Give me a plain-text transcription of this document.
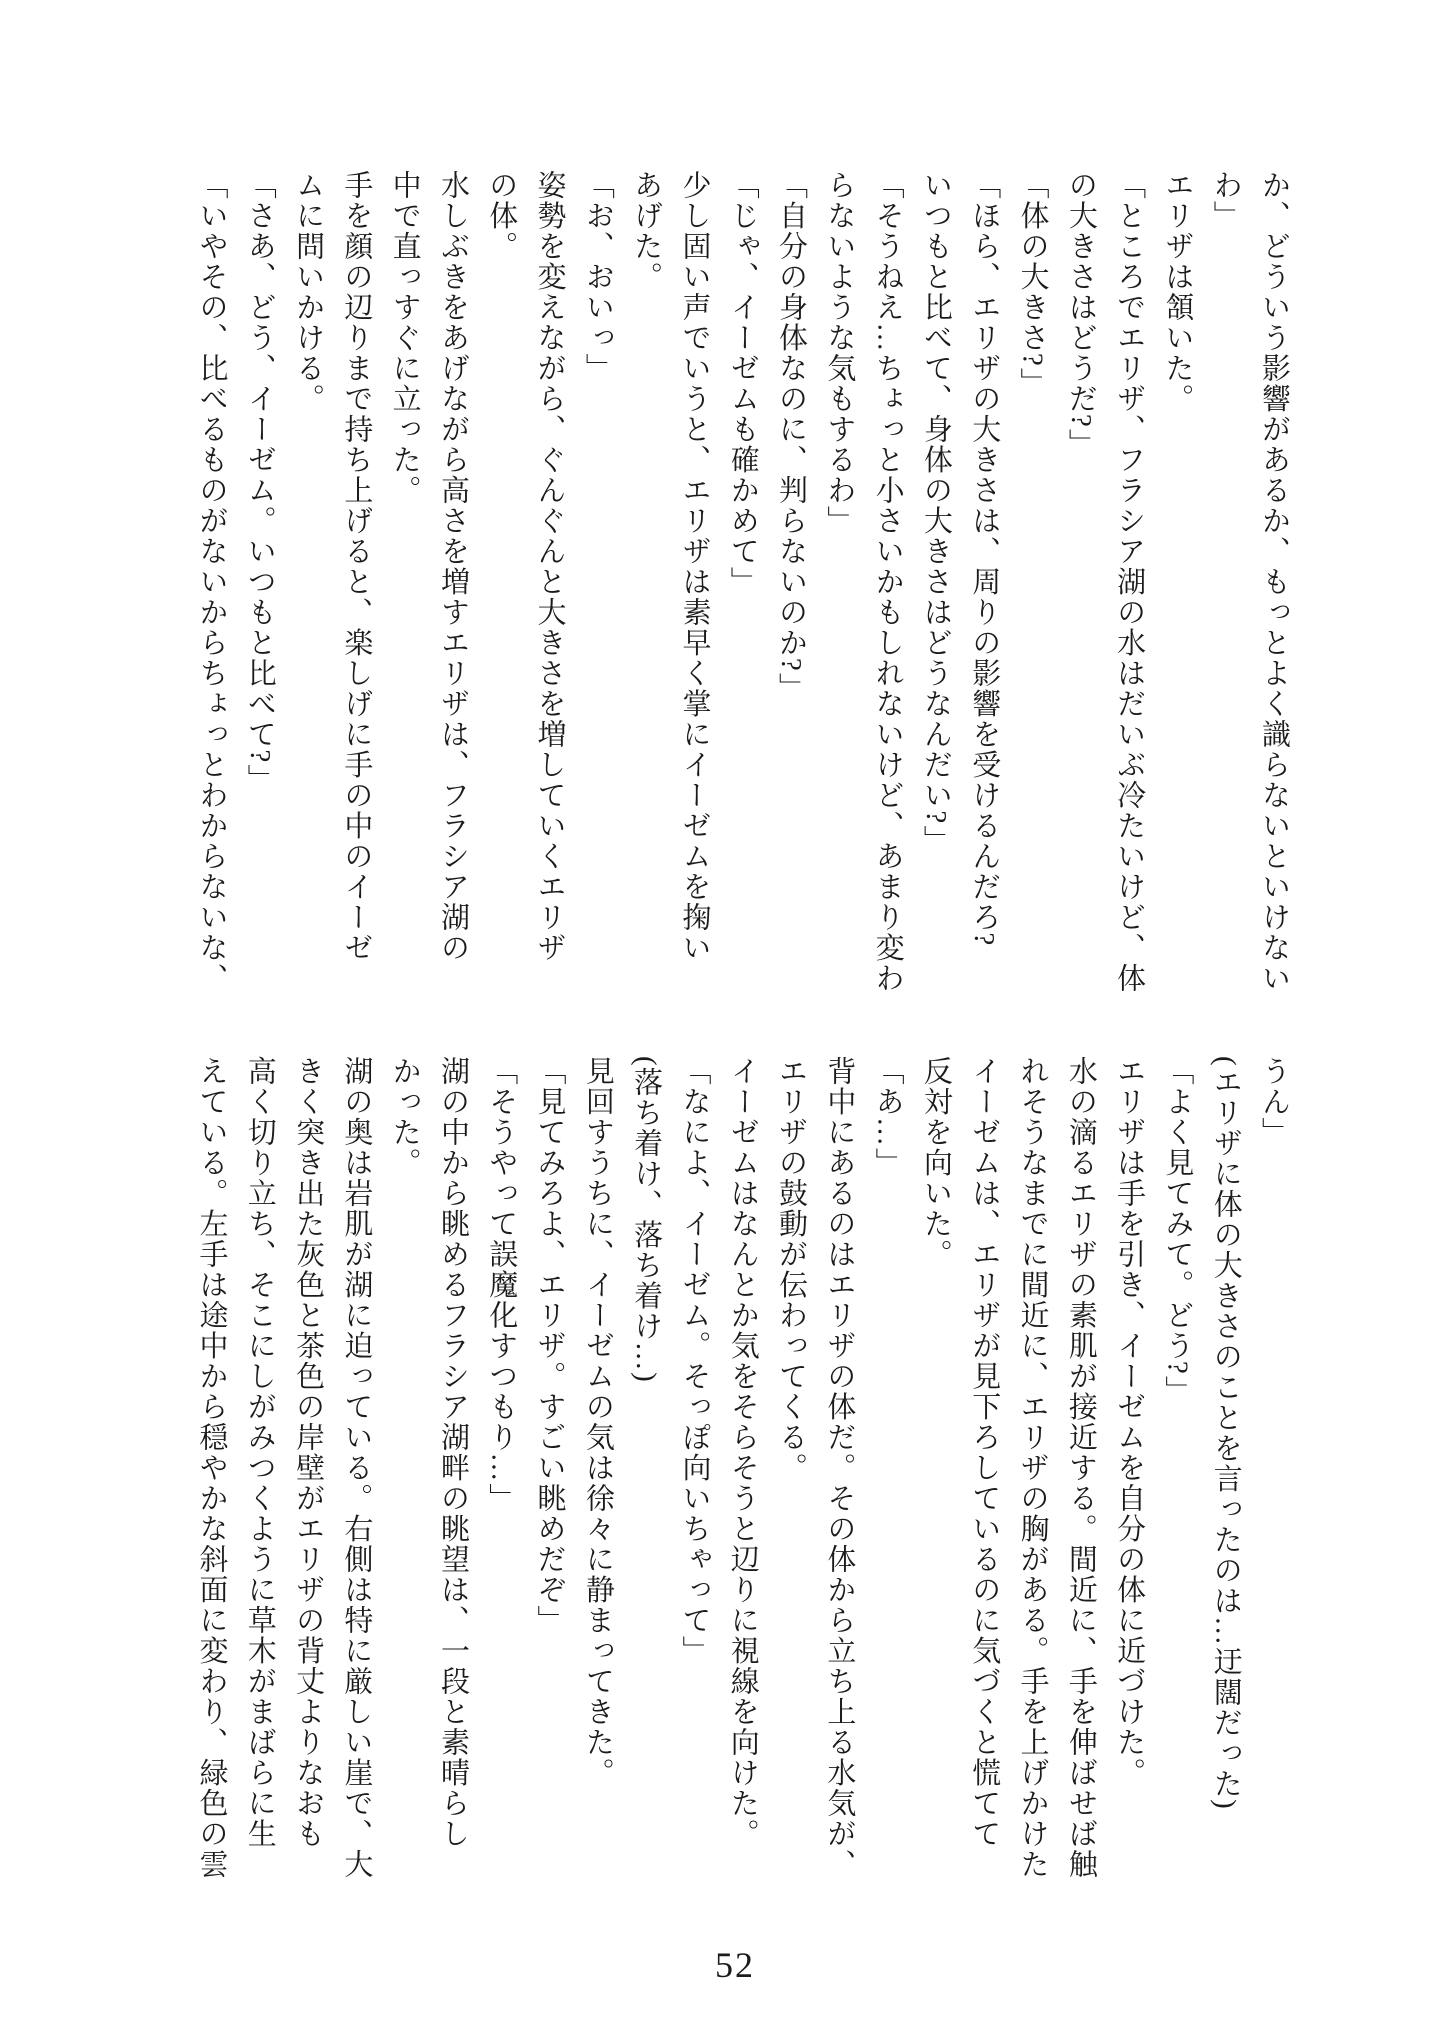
か、どういう影響があるか、もっとよく識らないといけない
わ」
エリザは頷いた。
「ところでエリザ、フラシア湖の水はだいぶ冷たいけど、体
の大きさはどうだ?」
「体の大きさ?」
「ほら、エリザの大きさは、周りの影響を受けるんだろ?
いつもと比べて、身体の大きさはどうなんだい?」
「そうねえ…ちょっと小さいかもしれないけど、あまり変わ
らないような気もするわ」
「自分の身体なのに、判らないのか?」
「じゃ、イーゼムも確かめて」
少し固い声でいうと、エリザは素早く掌にイーゼムを掬い
あげた。
「お、おいっ」
姿勢を変えながら、ぐんぐんと大きさを増していくエリザ
の体。
水しぶきをあげながら高さを増すエリザは、フラシア湖の
中で直っすぐに立った。
手を顔の辺りまで持ち上げると、楽しげに手の中のイーゼ
ムに問いかける。
「さあ、どう、イーゼム。いつもと比べて?」
「いやその、比べるものがないからちょっとわからないな、
うん」
(エリザに体の大きさのことを言ったのは…迂闊だった)
「よく見てみて。どう?」
エリザは手を引き、イーゼムを自分の体に近づけた。
水の滴るエリザの素肌が接近する。間近に、手を伸ばせば触
れそうなまでに間近に、エリザの胸がある。手を上げかけた
イーゼムは、エリザが見下ろしているのに気づくと慌てて
反対を向いた。
「あ…」
背中にあるのはエリザの体だ。その体から立ち上る水気が、
エリザの鼓動が伝わってくる。
イーゼムはなんとか気をそらそうと辺りに視線を向けた。
「なによ、イーゼム。そっぽ向いちゃって」
(落ち着け、落ち着け…)
見回すうちに、イーゼムの気は徐々に静まってきた。
「見てみろよ、エリザ。すごい眺めだぞ」
「そうやって誤魔化すつもり…」
湖の中から眺めるフラシア湖畔の眺望は、一段と素晴らし
かった。
湖の奥は岩肌が湖に迫っている。右側は特に厳しい崖で、大
きく突き出た灰色と茶色の岸壁がエリザの背丈よりなおも
高く切り立ち、そこにしがみつくように草木がまばらに生
えている。左手は途中から穏やかな斜面に変わり、緑色の雲
52
